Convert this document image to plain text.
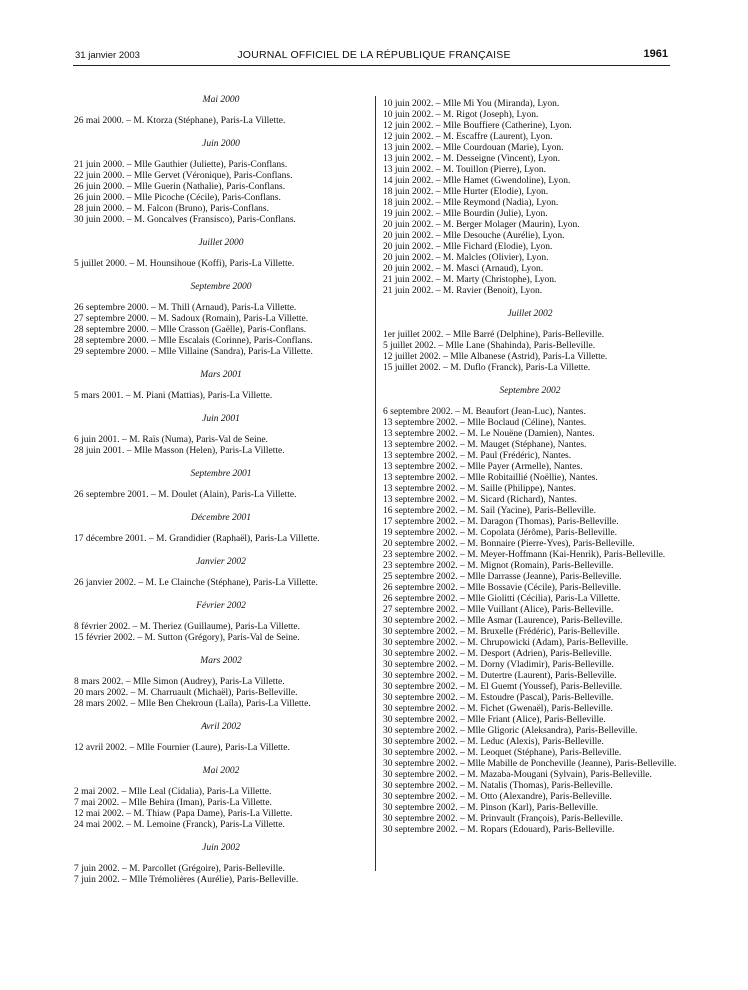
31 janvier 2003	JOURNAL OFFICIEL DE LA RÉPUBLIQUE FRANÇAISE	1961
Mai 2000
26 mai 2000. – M. Ktorza (Stéphane), Paris-La Villette.
Juin 2000
21 juin 2000. – Mlle Gauthier (Juliette), Paris-Conflans.
22 juin 2000. – Mlle Gervet (Véronique), Paris-Conflans.
26 juin 2000. – Mlle Guerin (Nathalie), Paris-Conflans.
26 juin 2000. – Mlle Picoche (Cécile), Paris-Conflans.
28 juin 2000. – M. Falcon (Bruno), Paris-Conflans.
30 juin 2000. – M. Goncalves (Fransisco), Paris-Conflans.
Juillet 2000
5 juillet 2000. – M. Hounsihoue (Koffi), Paris-La Villette.
Septembre 2000
26 septembre 2000. – M. Thill (Arnaud), Paris-La Villette.
27 septembre 2000. – M. Sadoux (Romain), Paris-La Villette.
28 septembre 2000. – Mlle Crasson (Gaëlle), Paris-Conflans.
28 septembre 2000. – Mlle Escalais (Corinne), Paris-Conflans.
29 septembre 2000. – Mlle Villaine (Sandra), Paris-La Villette.
Mars 2001
5 mars 2001. – M. Piani (Mattias), Paris-La Villette.
Juin 2001
6 juin 2001. – M. Raïs (Numa), Paris-Val de Seine.
28 juin 2001. – Mlle Masson (Helen), Paris-La Villette.
Septembre 2001
26 septembre 2001. – M. Doulet (Alain), Paris-La Villette.
Décembre 2001
17 décembre 2001. – M. Grandidier (Raphaël), Paris-La Villette.
Janvier 2002
26 janvier 2002. – M. Le Clainche (Stéphane), Paris-La Villette.
Février 2002
8 février 2002. – M. Theriez (Guillaume), Paris-La Villette.
15 février 2002. – M. Sutton (Grégory), Paris-Val de Seine.
Mars 2002
8 mars 2002. – Mlle Simon (Audrey), Paris-La Villette.
20 mars 2002. – M. Charruault (Michaël), Paris-Belleville.
28 mars 2002. – Mlle Ben Chekroun (Laïla), Paris-La Villette.
Avril 2002
12 avril 2002. – Mlle Fournier (Laure), Paris-La Villette.
Mai 2002
2 mai 2002. – Mlle Leal (Cidalia), Paris-La Villette.
7 mai 2002. – Mlle Behira (Iman), Paris-La Villette.
12 mai 2002. – M. Thiaw (Papa Dame), Paris-La Villette.
24 mai 2002. – M. Lemoine (Franck), Paris-La Villette.
Juin 2002
7 juin 2002. – M. Parcollet (Grégoire), Paris-Belleville.
7 juin 2002. – Mlle Trémolières (Aurélie), Paris-Belleville.
10 juin 2002. – Mlle Mi You (Miranda), Lyon.
10 juin 2002. – M. Rigot (Joseph), Lyon.
12 juin 2002. – Mlle Bouffiere (Catherine), Lyon.
12 juin 2002. – M. Escaffre (Laurent), Lyon.
13 juin 2002. – Mlle Courdouan (Marie), Lyon.
13 juin 2002. – M. Desseigne (Vincent), Lyon.
13 juin 2002. – M. Touillon (Pierre), Lyon.
14 juin 2002. – Mlle Hamet (Gwendoline), Lyon.
18 juin 2002. – Mlle Hurter (Elodie), Lyon.
18 juin 2002. – Mlle Reymond (Nadia), Lyon.
19 juin 2002. – Mlle Bourdin (Julie), Lyon.
20 juin 2002. – M. Berger Molager (Maurin), Lyon.
20 juin 2002. – Mlle Desouche (Aurélie), Lyon.
20 juin 2002. – Mlle Fichard (Elodie), Lyon.
20 juin 2002. – M. Malcles (Olivier), Lyon.
20 juin 2002. – M. Masci (Arnaud), Lyon.
21 juin 2002. – M. Marty (Christophe), Lyon.
21 juin 2002. – M. Ravier (Benoit), Lyon.
Juillet 2002
1er juillet 2002. – Mlle Barré (Delphine), Paris-Belleville.
5 juillet 2002. – Mlle Lane (Shahinda), Paris-Belleville.
12 juillet 2002. – Mlle Albanese (Astrid), Paris-La Villette.
15 juillet 2002. – M. Duflo (Franck), Paris-La Villette.
Septembre 2002
6 septembre 2002. – M. Beaufort (Jean-Luc), Nantes.
13 septembre 2002. – Mlle Boclaud (Céline), Nantes.
13 septembre 2002. – M. Le Nouëne (Damien), Nantes.
13 septembre 2002. – M. Mauget (Stéphane), Nantes.
13 septembre 2002. – M. Paul (Frédéric), Nantes.
13 septembre 2002. – Mlle Payer (Armelle), Nantes.
13 septembre 2002. – Mlle Robitaillié (Noëllie), Nantes.
13 septembre 2002. – M. Saille (Philippe), Nantes.
13 septembre 2002. – M. Sicard (Richard), Nantes.
16 septembre 2002. – M. Sail (Yacine), Paris-Belleville.
17 septembre 2002. – M. Daragon (Thomas), Paris-Belleville.
19 septembre 2002. – M. Copolata (Jérôme), Paris-Belleville.
20 septembre 2002. – M. Bonnaire (Pierre-Yves), Paris-Belleville.
23 septembre 2002. – M. Meyer-Hoffmann (Kai-Henrik), Paris-Belleville.
23 septembre 2002. – M. Mignot (Romain), Paris-Belleville.
25 septembre 2002. – Mlle Darrasse (Jeanne), Paris-Belleville.
26 septembre 2002. – Mlle Bossavie (Cécile), Paris-Belleville.
26 septembre 2002. – Mlle Giolitti (Cécilia), Paris-La Villette.
27 septembre 2002. – Mlle Vuillant (Alice), Paris-Belleville.
30 septembre 2002. – Mlle Asmar (Laurence), Paris-Belleville.
30 septembre 2002. – M. Bruxelle (Frédéric), Paris-Belleville.
30 septembre 2002. – M. Chrupowicki (Adam), Paris-Belleville.
30 septembre 2002. – M. Desport (Adrien), Paris-Belleville.
30 septembre 2002. – M. Dorny (Vladimir), Paris-Belleville.
30 septembre 2002. – M. Dutertre (Laurent), Paris-Belleville.
30 septembre 2002. – M. El Guemt (Youssef), Paris-Belleville.
30 septembre 2002. – M. Estoudre (Pascal), Paris-Belleville.
30 septembre 2002. – M. Fichet (Gwenaël), Paris-Belleville.
30 septembre 2002. – Mlle Friant (Alice), Paris-Belleville.
30 septembre 2002. – Mlle Gligoric (Aleksandra), Paris-Belleville.
30 septembre 2002. – M. Leduc (Alexis), Paris-Belleville.
30 septembre 2002. – M. Leoquet (Stéphane), Paris-Belleville.
30 septembre 2002. – Mlle Mabille de Poncheville (Jeanne), Paris-Belleville.
30 septembre 2002. – M. Mazaba-Mougani (Sylvain), Paris-Belleville.
30 septembre 2002. – M. Natalis (Thomas), Paris-Belleville.
30 septembre 2002. – M. Otto (Alexandre), Paris-Belleville.
30 septembre 2002. – M. Pinson (Karl), Paris-Belleville.
30 septembre 2002. – M. Prinvault (François), Paris-Belleville.
30 septembre 2002. – M. Ropars (Edouard), Paris-Belleville.
